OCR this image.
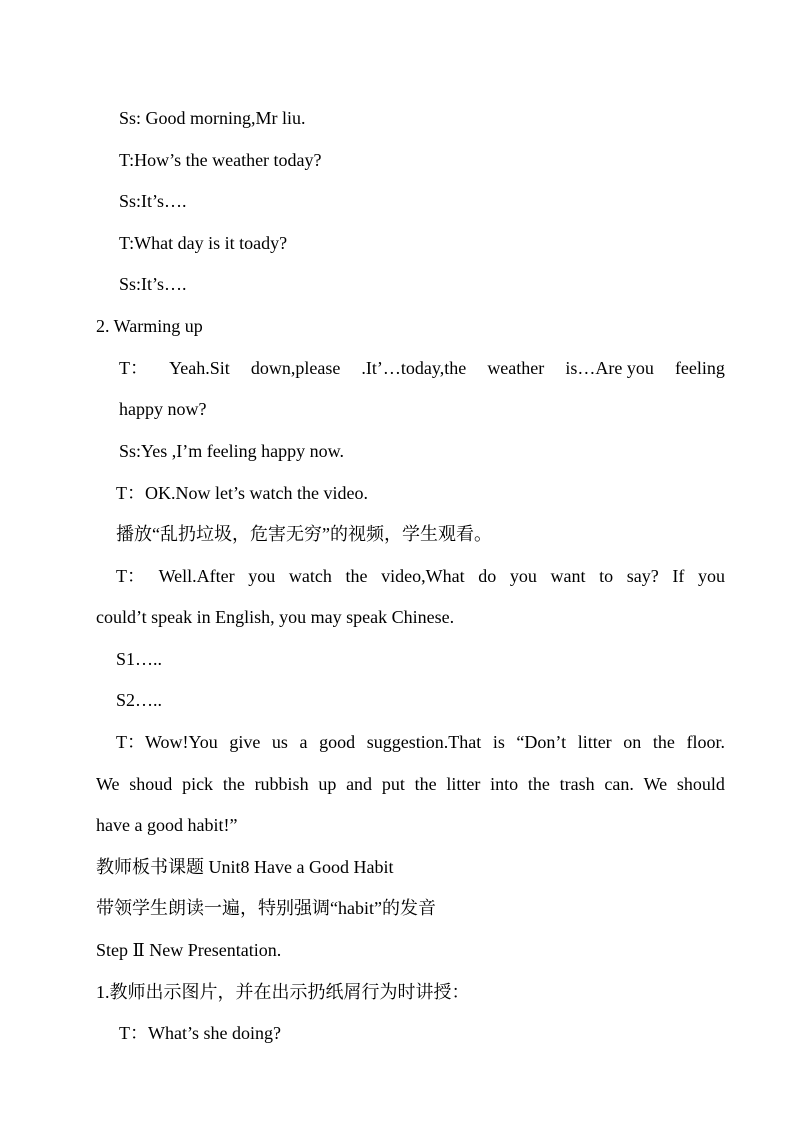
Ss: Good morning,Mr liu.
T:How’s the weather today?
Ss:It’s….
T:What day is it toady?
Ss:It’s….
2. Warming up
T： Yeah.Sit down,please .It’…today,the weather is…Are you feeling
happy now?
Ss:Yes ,I’m feeling happy now.
T：OK.Now let’s watch the video.
播放“乱扔垃圾，危害无穷”的视频，学生观看。
T： Well.After you watch the video,What do you want to say? If you
could’t speak in English, you may speak Chinese.
S1…..
S2…..
T：Wow!You give us a good suggestion.That is “Don’t litter on the floor.
We shoud pick the rubbish up and put the litter into the trash can. We should
have a good habit!”
教师板书课题 Unit8 Have a Good Habit
带领学生朗读一遍，特别强调“habit”的发音
Step Ⅱ New Presentation.
1.教师出示图片，并在出示扔纸屑行为时讲授：
T：What’s she doing?
